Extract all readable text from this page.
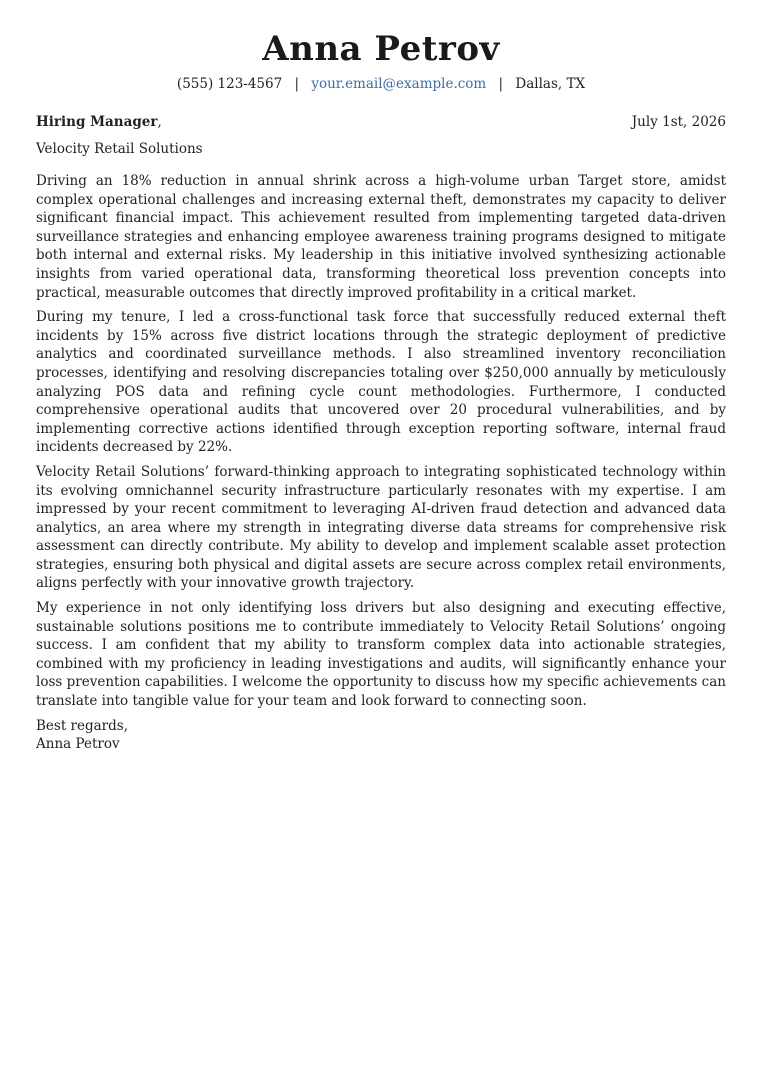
Anna Petrov
(555) 123-4567 | your.email@example.com | Dallas, TX
Hiring Manager,	July 1st, 2026
Velocity Retail Solutions

Driving an 18% reduction in annual shrink across a high-volume urban Target store, amidst complex operational challenges and increasing external theft, demonstrates my capacity to deliver significant financial impact. This achievement resulted from implementing targeted data-driven surveillance strategies and enhancing employee awareness training programs designed to mitigate both internal and external risks. My leadership in this initiative involved synthesizing actionable insights from varied operational data, transforming theoretical loss prevention concepts into practical, measurable outcomes that directly improved profitability in a critical market.

During my tenure, I led a cross-functional task force that successfully reduced external theft incidents by 15% across five district locations through the strategic deployment of predictive analytics and coordinated surveillance methods. I also streamlined inventory reconciliation processes, identifying and resolving discrepancies totaling over $250,000 annually by meticulously analyzing POS data and refining cycle count methodologies. Furthermore, I conducted comprehensive operational audits that uncovered over 20 procedural vulnerabilities, and by implementing corrective actions identified through exception reporting software, internal fraud incidents decreased by 22%.

Velocity Retail Solutions’ forward-thinking approach to integrating sophisticated technology within its evolving omnichannel security infrastructure particularly resonates with my expertise. I am impressed by your recent commitment to leveraging AI-driven fraud detection and advanced data analytics, an area where my strength in integrating diverse data streams for comprehensive risk assessment can directly contribute. My ability to develop and implement scalable asset protection strategies, ensuring both physical and digital assets are secure across complex retail environments, aligns perfectly with your innovative growth trajectory.

My experience in not only identifying loss drivers but also designing and executing effective, sustainable solutions positions me to contribute immediately to Velocity Retail Solutions’ ongoing success. I am confident that my ability to transform complex data into actionable strategies, combined with my proficiency in leading investigations and audits, will significantly enhance your loss prevention capabilities. I welcome the opportunity to discuss how my specific achievements can translate into tangible value for your team and look forward to connecting soon.

Best regards,
Anna Petrov
